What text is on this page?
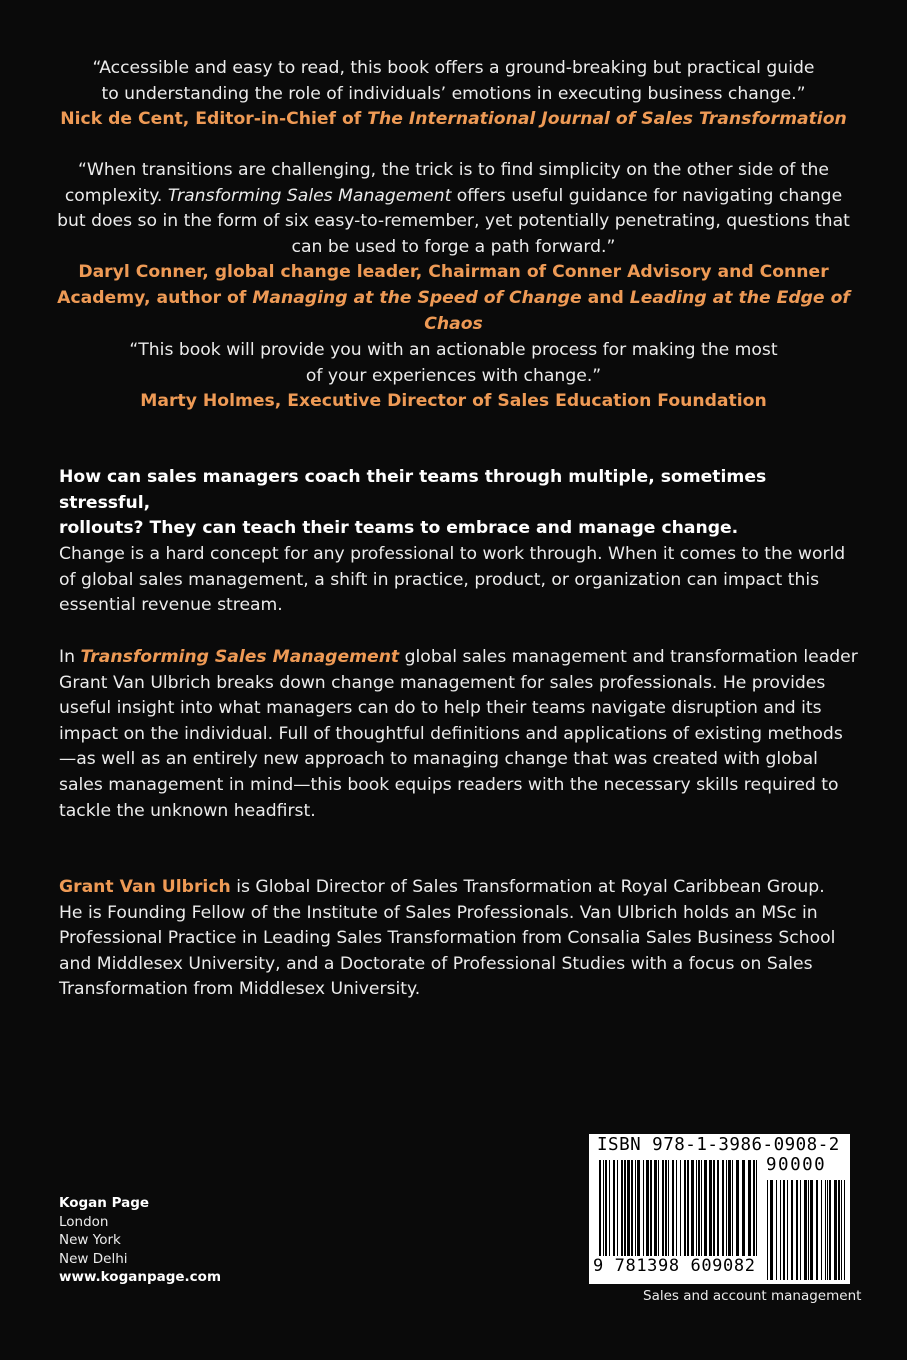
“Accessible and easy to read, this book offers a ground-breaking but practical guide
to understanding the role of individuals’ emotions in executing business change.”
Nick de Cent, Editor-in-Chief of The International Journal of Sales Transformation
“When transitions are challenging, the trick is to find simplicity on the other side of the
complexity. Transforming Sales Management offers useful guidance for navigating change
but does so in the form of six easy-to-remember, yet potentially penetrating, questions that
can be used to forge a path forward.”
Daryl Conner, global change leader, Chairman of Conner Advisory and Conner
Academy, author of Managing at the Speed of Change and Leading at the Edge of Chaos
“This book will provide you with an actionable process for making the most
of your experiences with change.”
Marty Holmes, Executive Director of Sales Education Foundation

How can sales managers coach their teams through multiple, sometimes stressful,

rollouts? They can teach their teams to embrace and manage change.

Change is a hard concept for any professional to work through. When it comes to the world

of global sales management, a shift in practice, product, or organization can impact this

essential revenue stream.

In Transforming Sales Management global sales management and transformation leader

Grant Van Ulbrich breaks down change management for sales professionals. He provides

useful insight into what managers can do to help their teams navigate disruption and its

impact on the individual. Full of thoughtful definitions and applications of existing methods

—as well as an entirely new approach to managing change that was created with global

sales management in mind—this book equips readers with the necessary skills required to

tackle the unknown headfirst.

Grant Van Ulbrich is Global Director of Sales Transformation at Royal Caribbean Group.

He is Founding Fellow of the Institute of Sales Professionals. Van Ulbrich holds an MSc in

Professional Practice in Leading Sales Transformation from Consalia Sales Business School

and Middlesex University, and a Doctorate of Professional Studies with a focus on Sales

Transformation from Middlesex University.

Kogan Page
London
New York
New Delhi
www.koganpage.com
ISBN 978-1-3986-0908-2
90000
9 781398 609082
Sales and account management
